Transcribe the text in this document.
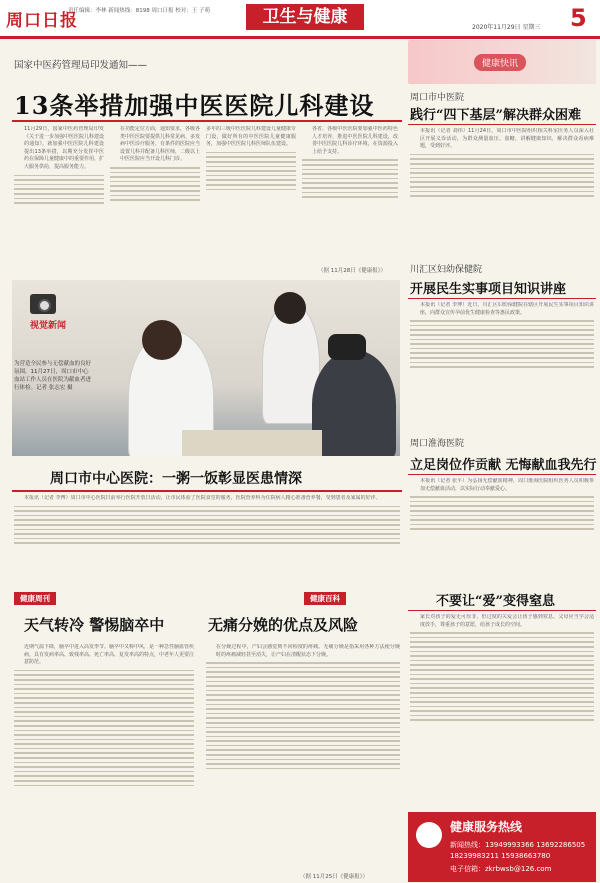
周口日报
责任编辑：李林 新闻热线：8198 周口日报 校对：王 子萌	卫生与健康
2020年11月29日 星期三 5
国家中医药管理局印发通知——
13条举措加强中医医院儿科建设
11月29日，国家中医药管理局印发《关于进一步加强中医医院儿科建设的通知》，就加强中医医院儿科建设提出13条举措，以期充分发挥中医药在保障儿童健康中的重要作用，扩大服务供给，提高服务能力。
在功能定位方面，通知要求，各级各类中医医院要提供儿科常见病、多发病中医诊疗服务，有条件的医院应当设置儿科并配备儿科医师，二级以上中医医院应当开设儿科门诊。
多年的三级中医医院儿科建设儿童健康专门设，做好所有的中医医院儿童健康服务，加强中医医院儿科医师队伍建设。
各省、各级中医医院要加强中医药特色人才培养，推进中医医院儿科建设，改善中医医院儿科诊疗环境，在资源投入上给予支持。
（据 11月28日《健康报》）
视觉新闻
为营造全民参与无偿献血的良好氛围，11月27日，周口市中心血站工作人员在医院为献血者进行体检。记者 张志宏 摄
周口市中心医院：一粥一饭彰显医患情深
本报讯（记者 李博）周口市中心医院日前举行医院开放日活动，让市民体验了医院食堂的服务，医院营养科为住院病人精心准备营养餐，受到患者及家属的好评。
健康周刊
天气转冷 警惕脑卒中
近期气温下降，脑卒中进入高发季节。脑卒中又称中风，是一种急性脑血管疾病，具有发病率高、致残率高、死亡率高、复发率高的特点，中老年人更要注意防范。
健康百科
无痛分娩的优点及风险
在分娩过程中，产妇会感觉到不同程度的疼痛。无痛分娩是指采用各种方法使分娩时的疼痛减轻甚至消失，让产妇在清醒状态下分娩。
（据 11月25日《健康报》）
健康快讯
周口市中医院
践行“四下基层”解决群众困难
本报讯（记者 刘伟）11月24日，周口市中医院组织相关科室医务人员深入社区开展义诊活动，为群众测量血压、血糖，讲解健康知识，解决群众看病难题，受到好评。
川汇区妇幼保健院
开展民生实事项目知识讲座
本报讯（记者 李博）近日，川汇区妇幼保健院在辖区开展民生实事项目知识讲座，向群众宣传孕前优生健康检查等惠民政策。
周口淮海医院
立足岗位作贡献 无悔献血我先行
本报讯（记者 张平）为弘扬无偿献血精神，周口淮海医院组织医务人员积极参加无偿献血活动，以实际行动奉献爱心。
不要让“爱”变得窒息
家长对孩子的爱无可厚非，但过度的关爱会让孩子感到窒息。父母应当学会适度放手，尊重孩子的意愿，给孩子成长的空间。
健康服务热线
新闻热线：13949993366 13692286505
18239983211 15938663780
电子信箱：zkrbwsb@126.com
